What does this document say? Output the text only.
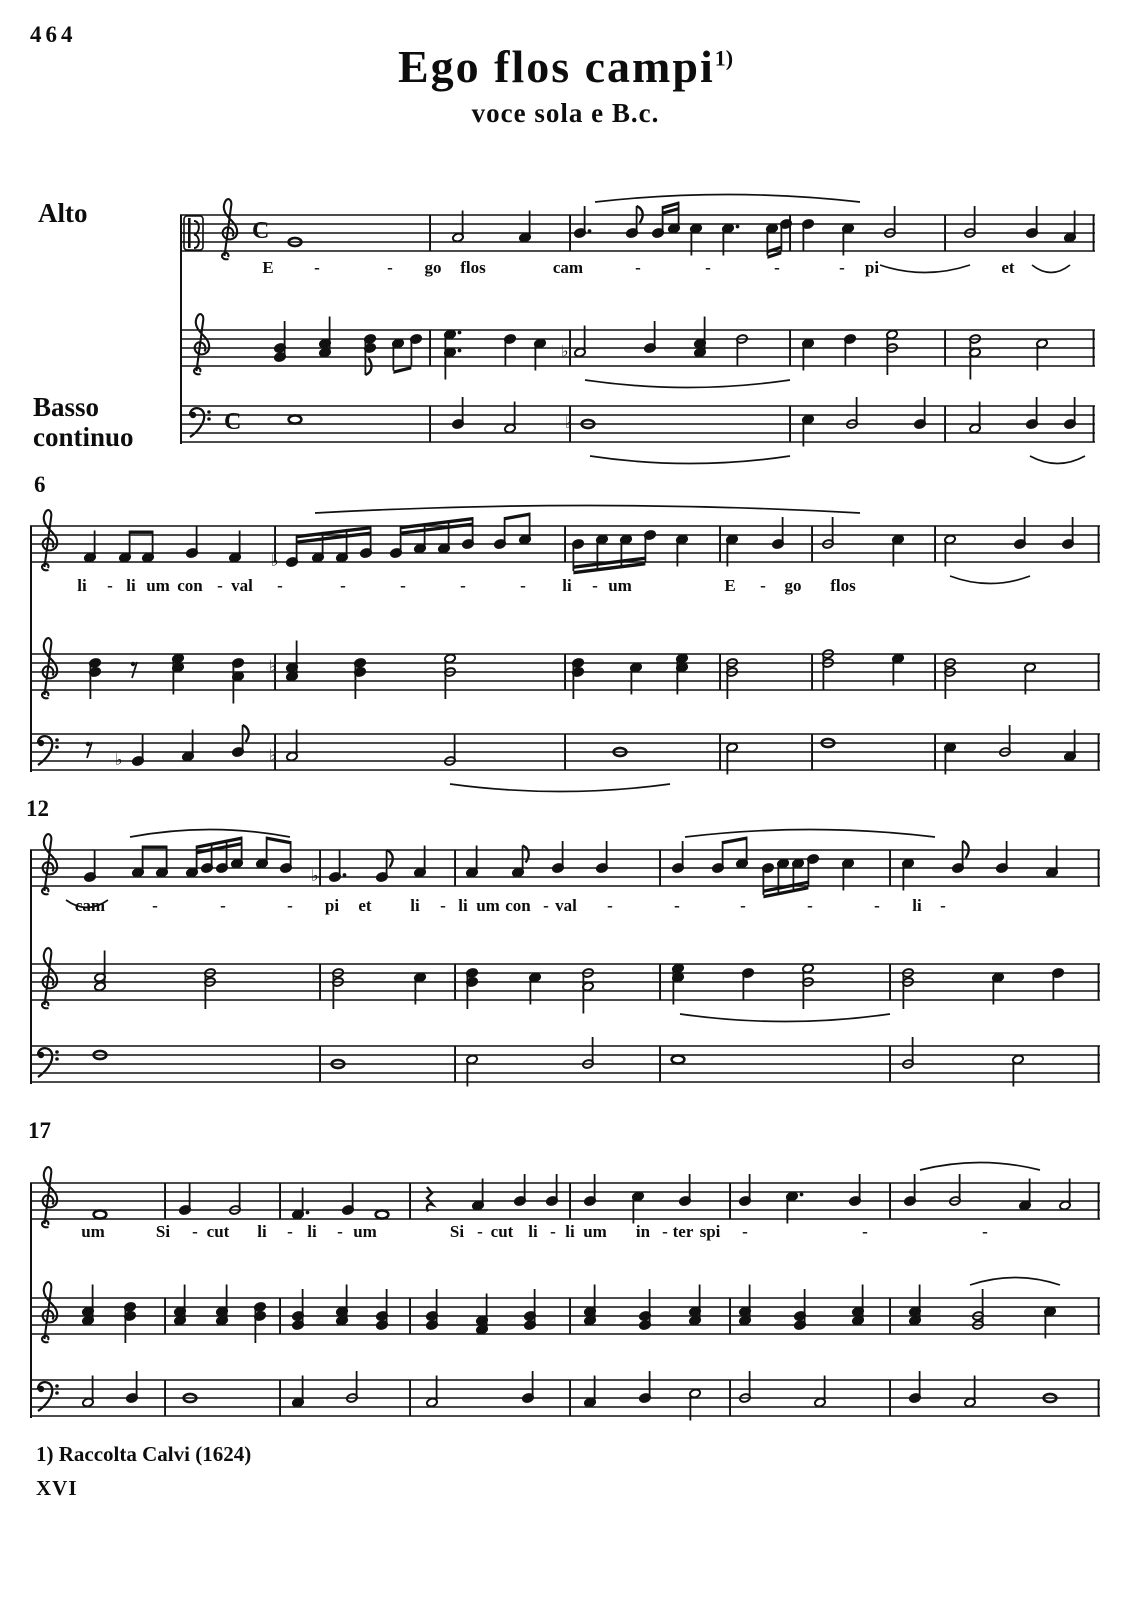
464
Ego flos campi$^{1)}$
voce sola e B.c.
Alto
Basso
continuo
6
12
17
C
♭
C	♭
♭
♭
♭	♭
♭
E -	- go flos	cam	-	-	-	- pi	et
li - li um con - val -	-	-	-	- li - um	E - go flos
cam	-	-	- pi et li - li um con - val -	-	-	-	- li -
um	Si - cut li - li - um	Si - cut li - li um in - ter spi -	-	-
1) Raccolta Calvi (1624)
XVI
